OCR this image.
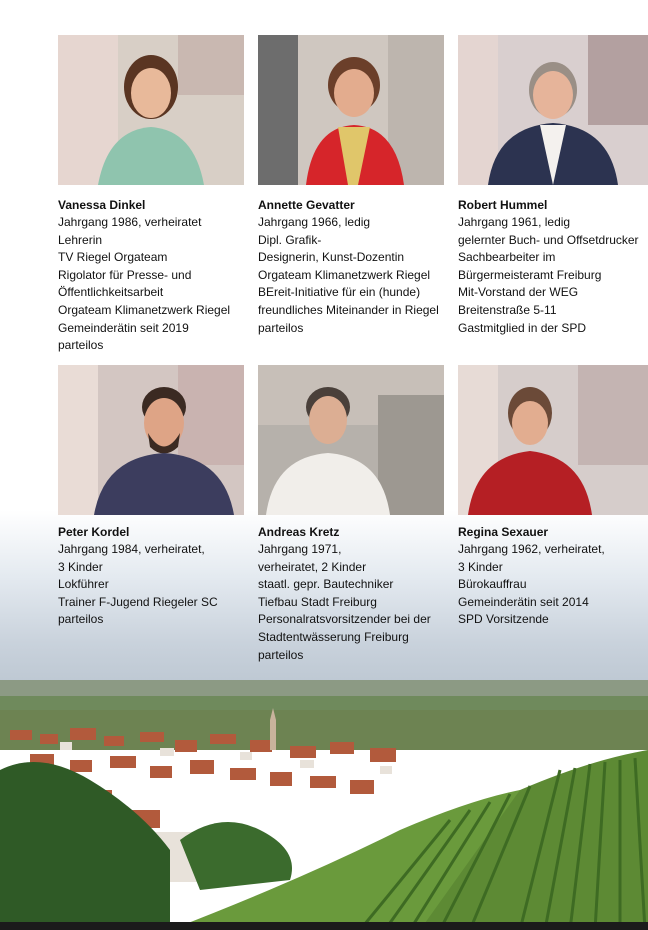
Vanessa Dinkel
Jahrgang 1986, verheiratet
Lehrerin
TV Riegel Orgateam
Rigolator für Presse- und
Öffentlichkeitsarbeit
Orgateam Klimanetzwerk Riegel
Gemeinderätin seit 2019
parteilos
Annette Gevatter
Jahrgang 1966, ledig
Dipl. Grafik-
Designerin, Kunst-Dozentin
Orgateam Klimanetzwerk Riegel
BEreit-Initiative für ein (hunde)
freundliches Miteinander in Riegel
parteilos
Robert Hummel
Jahrgang 1961, ledig
gelernter Buch- und Offsetdrucker
Sachbearbeiter im
Bürgermeisteramt Freiburg
Mit-Vorstand der WEG
Breitenstraße 5-11
Gastmitglied in der SPD
Peter Kordel
Jahrgang 1984, verheiratet,
3 Kinder
Lokführer
Trainer F-Jugend Riegeler SC
parteilos
Andreas Kretz
Jahrgang 1971,
verheiratet, 2 Kinder
staatl. gepr. Bautechniker
Tiefbau Stadt Freiburg
Personalratsvorsitzender bei der
Stadtentwässerung Freiburg
parteilos
Regina Sexauer
Jahrgang 1962, verheiratet,
3 Kinder
Bürokauffrau
Gemeinderätin seit 2014
SPD Vorsitzende
